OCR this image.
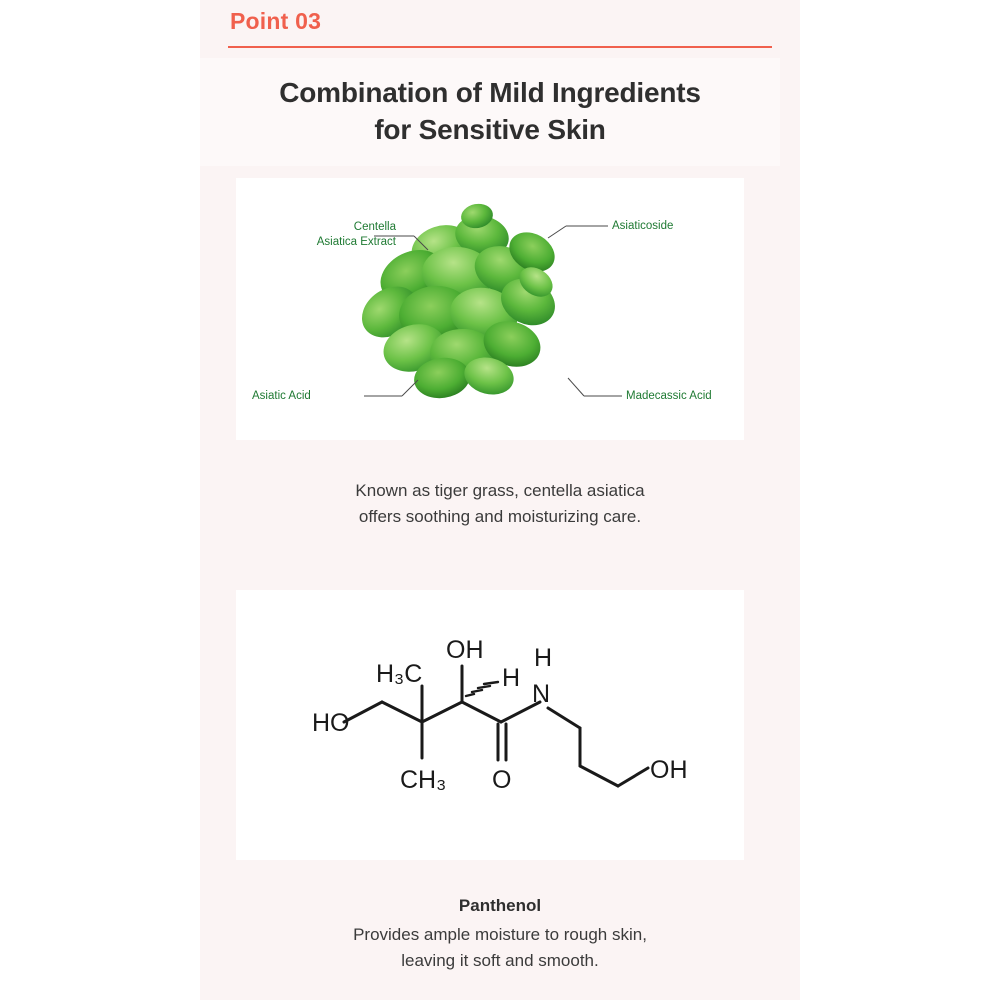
Point 03
Combination of Mild Ingredients
for Sensitive Skin
Centella
Asiatica Extract
Asiaticoside
Asiatic Acid	Madecassic Acid
Known as tiger grass, centella asiatica
offers soothing and moisturizing care.
HO
H₃C
OH
H
H
N
CH₃ O	OH
Panthenol
Provides ample moisture to rough skin,
leaving it soft and smooth.
